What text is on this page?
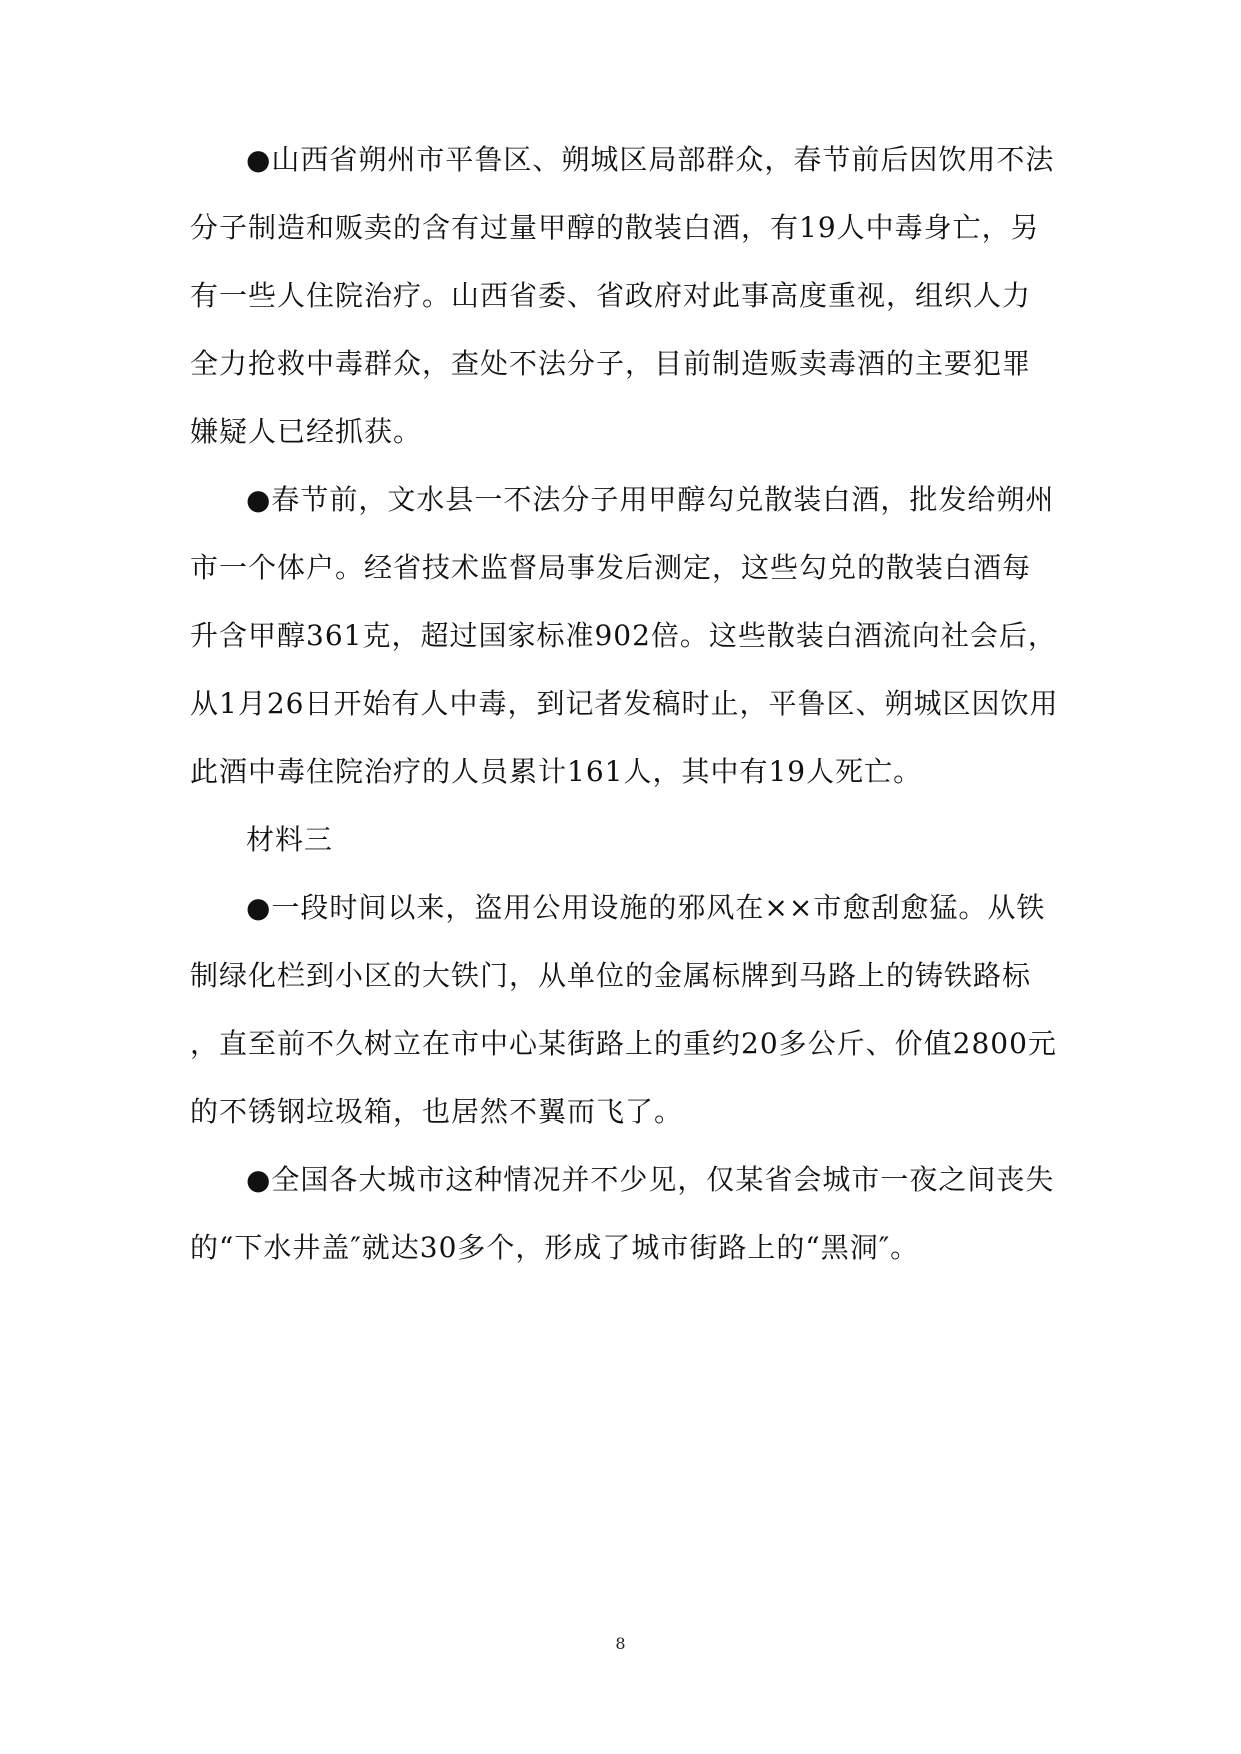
●山西省朔州市平鲁区、朔城区局部群众，春节前后因饮用不法
分子制造和贩卖的含有过量甲醇的散装白酒，有19人中毒身亡，另
有一些人住院治疗。山西省委、省政府对此事高度重视，组织人力
全力抢救中毒群众，查处不法分子，目前制造贩卖毒酒的主要犯罪
嫌疑人已经抓获。
●春节前，文水县一不法分子用甲醇勾兑散装白酒，批发给朔州
市一个体户。经省技术监督局事发后测定，这些勾兑的散装白酒每
升含甲醇361克，超过国家标准902倍。这些散装白酒流向社会后，
从1月26日开始有人中毒，到记者发稿时止，平鲁区、朔城区因饮用
此酒中毒住院治疗的人员累计161人，其中有19人死亡。
材料三
●一段时间以来，盗用公用设施的邪风在××市愈刮愈猛。从铁
制绿化栏到小区的大铁门，从单位的金属标牌到马路上的铸铁路标
，直至前不久树立在市中心某街路上的重约20多公斤、价值2800元
的不锈钢垃圾箱，也居然不翼而飞了。
●全国各大城市这种情况并不少见，仅某省会城市一夜之间丧失
的“下水井盖″就达30多个，形成了城市街路上的“黑洞″。
8
